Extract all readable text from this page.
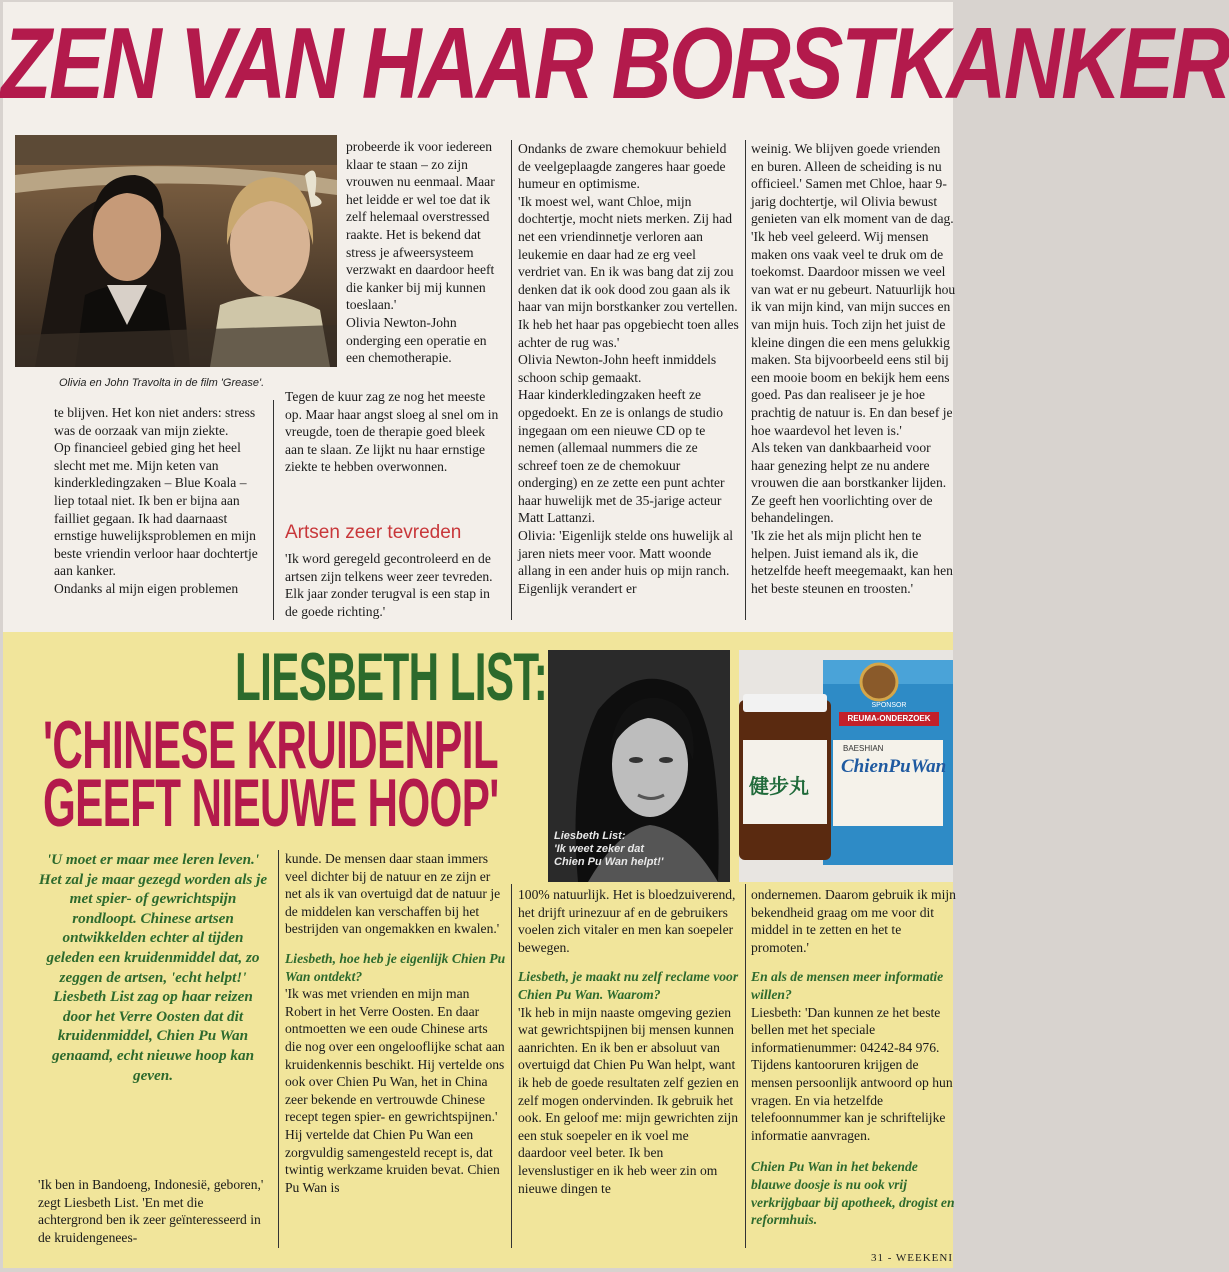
ZEN VAN HAAR BORSTKANKER
Olivia en John Travolta in de film 'Grease'.

te blijven. Het kon niet anders: stress was de oorzaak van mijn ziekte.
Op financieel gebied ging het heel slecht met me. Mijn keten van kinderkledingzaken – Blue Koala – liep totaal niet. Ik ben er bijna aan failliet gegaan. Ik had daarnaast ernstige huwelijksproblemen en mijn beste vriendin verloor haar dochtertje aan kanker.
Ondanks al mijn eigen problemen

probeerde ik voor iedereen klaar te staan – zo zijn vrouwen nu eenmaal. Maar het leidde er wel toe dat ik zelf helemaal overstressed raakte. Het is bekend dat stress je afweersysteem verzwakt en daardoor heeft die kanker bij mij kunnen toeslaan.'
Olivia Newton-John onderging een operatie en een chemotherapie.

Tegen de kuur zag ze nog het meeste op. Maar haar angst sloeg al snel om in vreugde, toen de therapie goed bleek aan te slaan. Ze lijkt nu haar ernstige ziekte te hebben overwonnen.

Artsen zeer tevreden

'Ik word geregeld gecontroleerd en de artsen zijn telkens weer zeer tevreden. Elk jaar zonder terugval is een stap in de goede richting.'

Ondanks de zware chemokuur behield de veelgeplaagde zangeres haar goede humeur en optimisme.
'Ik moest wel, want Chloe, mijn dochtertje, mocht niets merken. Zij had net een vriendinnetje verloren aan leukemie en daar had ze erg veel verdriet van. En ik was bang dat zij zou denken dat ik ook dood zou gaan als ik haar van mijn borstkanker zou vertellen. Ik heb het haar pas opgebiecht toen alles achter de rug was.'
Olivia Newton-John heeft inmiddels schoon schip gemaakt.
Haar kinderkledingzaken heeft ze opgedoekt. En ze is onlangs de studio ingegaan om een nieuwe CD op te nemen (allemaal nummers die ze schreef toen ze de chemokuur onderging) en ze zette een punt achter haar huwelijk met de 35-jarige acteur Matt Lattanzi.
Olivia: 'Eigenlijk stelde ons huwelijk al jaren niets meer voor. Matt woonde allang in een ander huis op mijn ranch. Eigenlijk verandert er

weinig. We blijven goede vrienden en buren. Alleen de scheiding is nu officieel.' Samen met Chloe, haar 9-jarig dochtertje, wil Olivia bewust genieten van elk moment van de dag. 'Ik heb veel geleerd. Wij mensen maken ons vaak veel te druk om de toekomst. Daardoor missen we veel van wat er nu gebeurt. Natuurlijk hou ik van mijn kind, van mijn succes en van mijn huis. Toch zijn het juist de kleine dingen die een mens gelukkig maken. Sta bijvoorbeeld eens stil bij een mooie boom en bekijk hem eens goed. Pas dan realiseer je je hoe prachtig de natuur is. En dan besef je hoe waardevol het leven is.'
Als teken van dankbaarheid voor haar genezing helpt ze nu andere vrouwen die aan borstkanker lijden. Ze geeft hen voorlichting over de behandelingen.
'Ik zie het als mijn plicht hen te helpen. Juist iemand als ik, die hetzelfde heeft meegemaakt, kan hen het beste steunen en troosten.'

LIESBETH LIST:
'CHINESE KRUIDENPIL
GEEFT NIEUWE HOOP'	Liesbeth List:
'Ik weet zeker dat
Chien Pu Wan helpt!'
REUMA-ONDERZOEK
SPONSOR
BAESHIAN
ChienPuWan
健步丸
'U moet er maar mee leren leven.' Het zal je maar gezegd worden als je met spier- of gewrichtspijn rondloopt. Chinese artsen ontwikkelden echter al tijden geleden een kruidenmiddel dat, zo zeggen de artsen, 'echt helpt!' Liesbeth List zag op haar reizen door het Verre Oosten dat dit kruidenmiddel, Chien Pu Wan genaamd, echt nieuwe hoop kan geven.

'Ik ben in Bandoeng, Indonesië, geboren,' zegt Liesbeth List. 'En met die achtergrond ben ik zeer geïnteresseerd in de kruidengenees-

kunde. De mensen daar staan immers veel dichter bij de natuur en ze zijn er net als ik van overtuigd dat de natuur je de middelen kan verschaffen bij het bestrijden van ongemakken en kwalen.'

Liesbeth, hoe heb je eigenlijk Chien Pu Wan ontdekt?

'Ik was met vrienden en mijn man Robert in het Verre Oosten. En daar ontmoetten we een oude Chinese arts die nog over een ongelooflijke schat aan kruidenkennis beschikt. Hij vertelde ons ook over Chien Pu Wan, het in China zeer bekende en vertrouwde Chinese recept tegen spier- en gewrichtspijnen.' Hij vertelde dat Chien Pu Wan een zorgvuldig samengesteld recept is, dat twintig werkzame kruiden bevat. Chien Pu Wan is

100% natuurlijk. Het is bloedzuiverend, het drijft urinezuur af en de gebruikers voelen zich vitaler en men kan soepeler bewegen.

Liesbeth, je maakt nu zelf reclame voor Chien Pu Wan. Waarom?

'Ik heb in mijn naaste omgeving gezien wat gewrichtspijnen bij mensen kunnen aanrichten. En ik ben er absoluut van overtuigd dat Chien Pu Wan helpt, want ik heb de goede resultaten zelf gezien en zelf mogen ondervinden. Ik gebruik het ook. En geloof me: mijn gewrichten zijn een stuk soepeler en ik voel me daardoor veel beter. Ik ben levenslustiger en ik heb weer zin om nieuwe dingen te

ondernemen. Daarom gebruik ik mijn bekendheid graag om me voor dit middel in te zetten en het te promoten.'

En als de mensen meer informatie willen?

Liesbeth: 'Dan kunnen ze het beste bellen met het speciale informatienummer: 04242-84 976.
Tijdens kantooruren krijgen de mensen persoonlijk antwoord op hun vragen. En via hetzelfde telefoonnummer kan je schriftelijke informatie aanvragen.

Chien Pu Wan in het bekende blauwe doosje is nu ook vrij verkrijgbaar bij apotheek, drogist en reformhuis.

31 - WEEKENI
